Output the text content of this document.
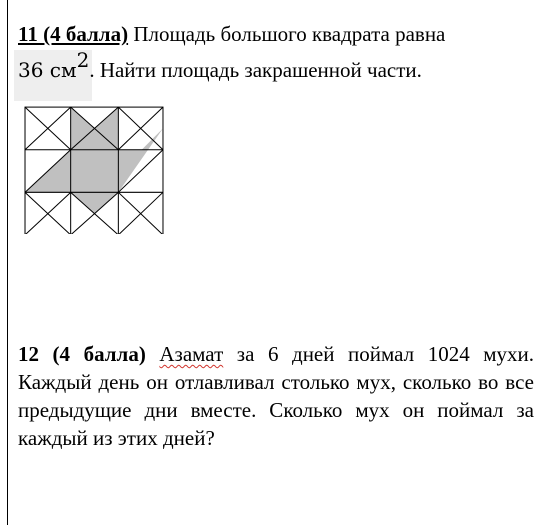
11 (4 балла) Площадь большого квадрата равна
36 $см^2$. Найти площадь закрашенной части.
12 (4 балла) Азамат за 6 дней поймал 1024 мухи. Каждый день он отлавливал столько мух, сколько во все предыдущие дни вместе. Сколько мух он поймал за каждый из этих дней?
